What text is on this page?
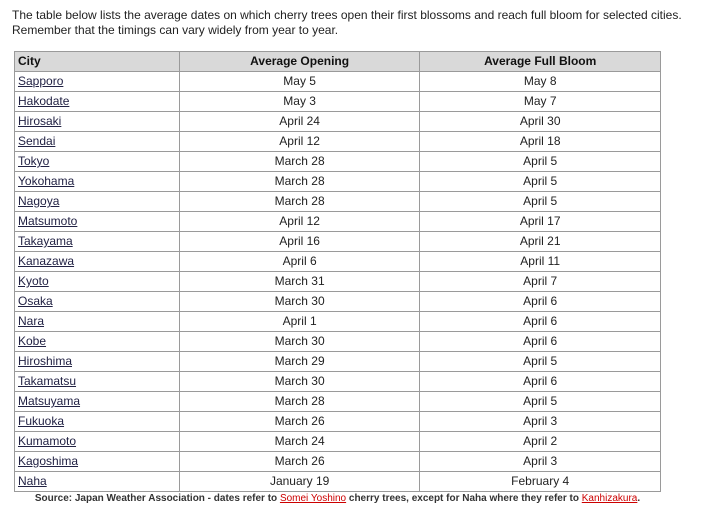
The table below lists the average dates on which cherry trees open their first blossoms and reach full bloom for selected cities. Remember that the timings can vary widely from year to year.

City	Average Opening	Average Full Bloom
Sapporo	May 5	May 8
Hakodate	May 3	May 7
Hirosaki	April 24	April 30
Sendai	April 12	April 18
Tokyo	March 28	April 5
Yokohama	March 28	April 5
Nagoya	March 28	April 5
Matsumoto	April 12	April 17
Takayama	April 16	April 21
Kanazawa	April 6	April 11
Kyoto	March 31	April 7
Osaka	March 30	April 6
Nara	April 1	April 6
Kobe	March 30	April 6
Hiroshima	March 29	April 5
Takamatsu	March 30	April 6
Matsuyama	March 28	April 5
Fukuoka	March 26	April 3
Kumamoto	March 24	April 2
Kagoshima	March 26	April 3
Naha	January 19	February 4
Source: Japan Weather Association - dates refer to Somei Yoshino cherry trees, except for Naha where they refer to Kanhizakura.
